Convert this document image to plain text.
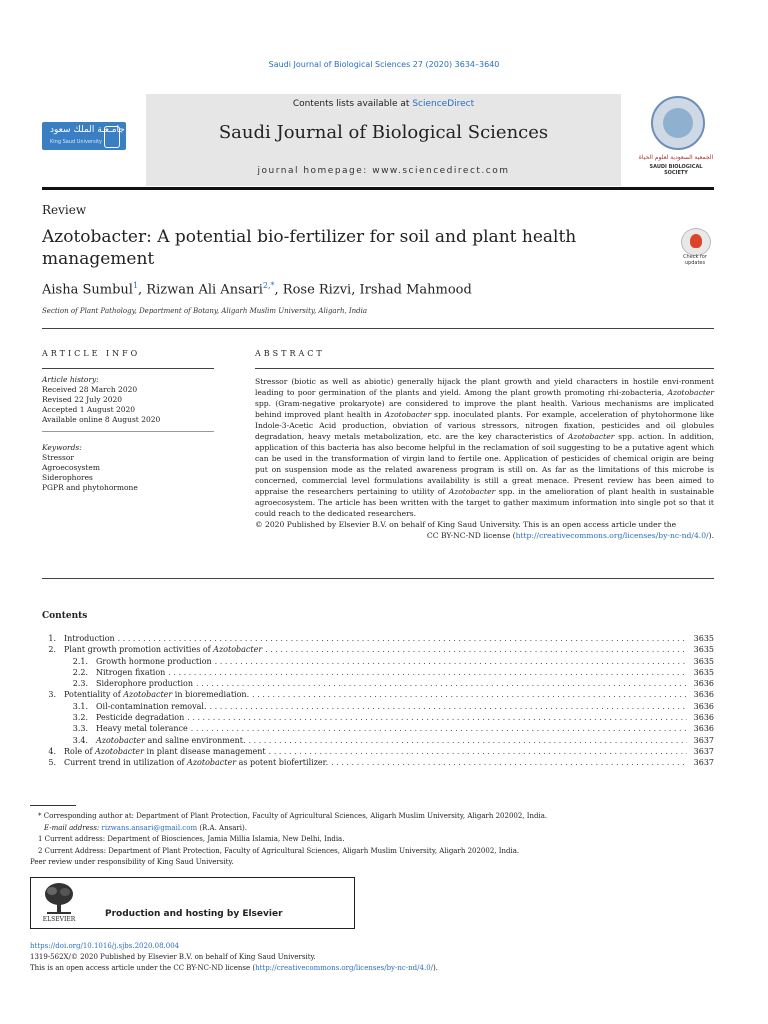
Saudi Journal of Biological Sciences 27 (2020) 3634–3640
جامـعـة الملك سعود
King Saud University
Contents lists available at ScienceDirect
Saudi Journal of Biological Sciences
journal homepage: www.sciencedirect.com
الجمعية السعودية لعلوم الحياة
SAUDI BIOLOGICAL SOCIETY
Review
Azotobacter: A potential bio-fertilizer for soil and plant health management	Check for updates
Aisha Sumbul$^1$, Rizwan Ali Ansari$^{2,*}$, Rose Rizvi, Irshad Mahmood
Section of Plant Pathology, Department of Botany, Aligarh Muslim University, Aligarh, India
ARTICLE INFO
Article history:
Received 28 March 2020
Revised 22 July 2020
Accepted 1 August 2020
Available online 8 August 2020
Keywords:
Stressor
Agroecosystem
Siderophores
PGPR and phytohormone
ABSTRACT
Stressor (biotic as well as abiotic) generally hijack the plant growth and yield characters in hostile envi-ronment leading to poor germination of the plants and yield. Among the plant growth promoting rhi-zobacteria, Azotobacter spp. (Gram-negative prokaryote) are considered to improve the plant health. Various mechanisms are implicated behind improved plant health in Azotobacter spp. inoculated plants. For example, acceleration of phytohormone like Indole-3-Acetic Acid production, obviation of various stressors, nitrogen fixation, pesticides and oil globules degradation, heavy metals metabolization, etc. are the key characteristics of Azotobacter spp. action. In addition, application of this bacteria has also become helpful in the reclamation of soil suggesting to be a putative agent which can be used in the transformation of virgin land to fertile one. Application of pesticides of chemical origin are being put on suspension mode as the related awareness program is still on. As far as the limitations of this microbe is concerned, commercial level formulations availability is still a great menace. Present review has been aimed to appraise the researchers pertaining to utility of Azotobacter spp. in the amelioration of plant health in sustainable agroecosystem. The article has been written with the target to gather maximum information into single pot so that it could reach to the dedicated researchers.
© 2020 Published by Elsevier B.V. on behalf of King Saud University. This is an open access article under the
CC BY-NC-ND license (http://creativecommons.org/licenses/by-nc-nd/4.0/).
Contents
1. Introduction . . .	3635
2. Plant growth promotion activities of Azotobacter . . .	3635
2.1. Growth hormone production . . .	3635
2.2. Nitrogen fixation . . .	3635
2.3. Siderophore production . . .	3636
3. Potentiality of Azotobacter in bioremediation. . . .	3636
3.1. Oil-contamination removal. . . .	3636
3.2. Pesticide degradation . . .	3636
3.3. Heavy metal tolerance . . .	3636
3.4. Azotobacter and saline environment. . . .	3637
4. Role of Azotobacter in plant disease management . . .	3637
5. Current trend in utilization of Azotobacter as potent biofertilizer. . . .	3637
* Corresponding author at: Department of Plant Protection, Faculty of Agricultural Sciences, Aligarh Muslim University, Aligarh 202002, India.
E-mail address: rizwans.ansari@gmail.com (R.A. Ansari).
1 Current address: Department of Biosciences, Jamia Millia Islamia, New Delhi, India.
2 Current Address: Department of Plant Protection, Faculty of Agricultural Sciences, Aligarh Muslim University, Aligarh 202002, India.
Peer review under responsibility of King Saud University.
ELSEVIER
Production and hosting by Elsevier
https://doi.org/10.1016/j.sjbs.2020.08.004
1319-562X/© 2020 Published by Elsevier B.V. on behalf of King Saud University.
This is an open access article under the CC BY-NC-ND license (http://creativecommons.org/licenses/by-nc-nd/4.0/).
